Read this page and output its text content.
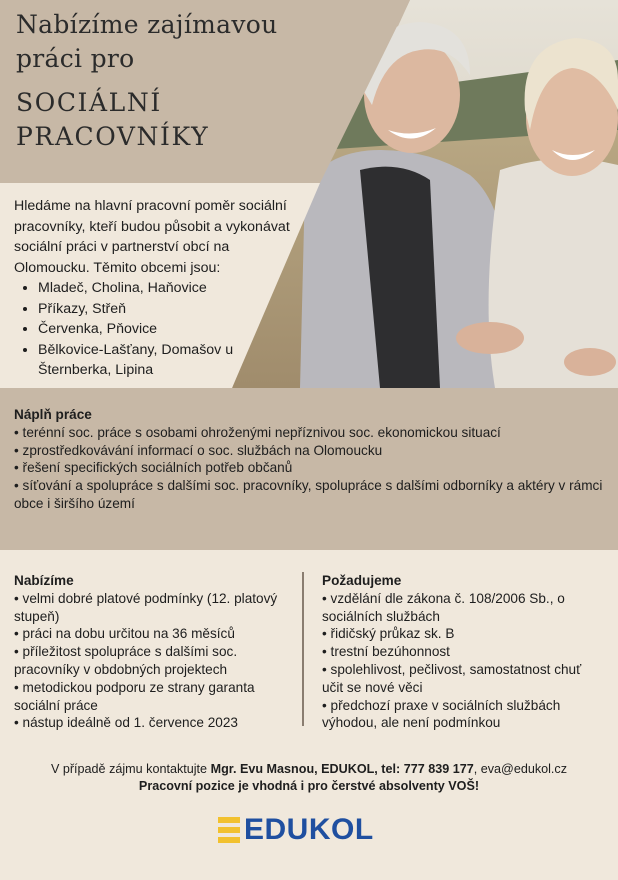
Nabízíme zajímavou
práci pro
SOCIÁLNÍ
PRACOVNÍKY
Hledáme na hlavní pracovní poměr sociální pracovníky, kteří budou působit a vykonávat sociální práci v partnerství obcí na Olomoucku. Těmito obcemi jsou:
• Mladeč, Cholina, Haňovice
• Příkazy, Střeň
• Červenka, Pňovice
• Bělkovice-Lašťany, Domašov u Šternberka, Lipina
Náplň práce
• terénní soc. práce s osobami ohroženými nepříznivou soc. ekonomickou situací
• zprostředkovávání informací o soc. službách na Olomoucku
• řešení specifických sociálních potřeb občanů
• síťování a spolupráce s dalšími soc. pracovníky, spolupráce s dalšími odborníky a aktéry v rámci obce i širšího území
Nabízíme
• velmi dobré platové podmínky (12. platový stupeň)
• práci na dobu určitou na 36 měsíců
• příležitost spolupráce s dalšími soc. pracovníky v obdobných projektech
• metodickou podporu ze strany garanta sociální práce
• nástup ideálně od 1. července 2023
Požadujeme
• vzdělání dle zákona č. 108/2006 Sb., o sociálních službách
• řidičský průkaz sk. B
• trestní bezúhonnost
• spolehlivost, pečlivost, samostatnost chuť učit se nové věci
• předchozí praxe v sociálních službách výhodou, ale není podmínkou
V případě zájmu kontaktujte Mgr. Evu Masnou, EDUKOL, tel: 777 839 177, eva@edukol.cz
Pracovní pozice je vhodná i pro čerstvé absolventy VOŠ!
EDUKOL
